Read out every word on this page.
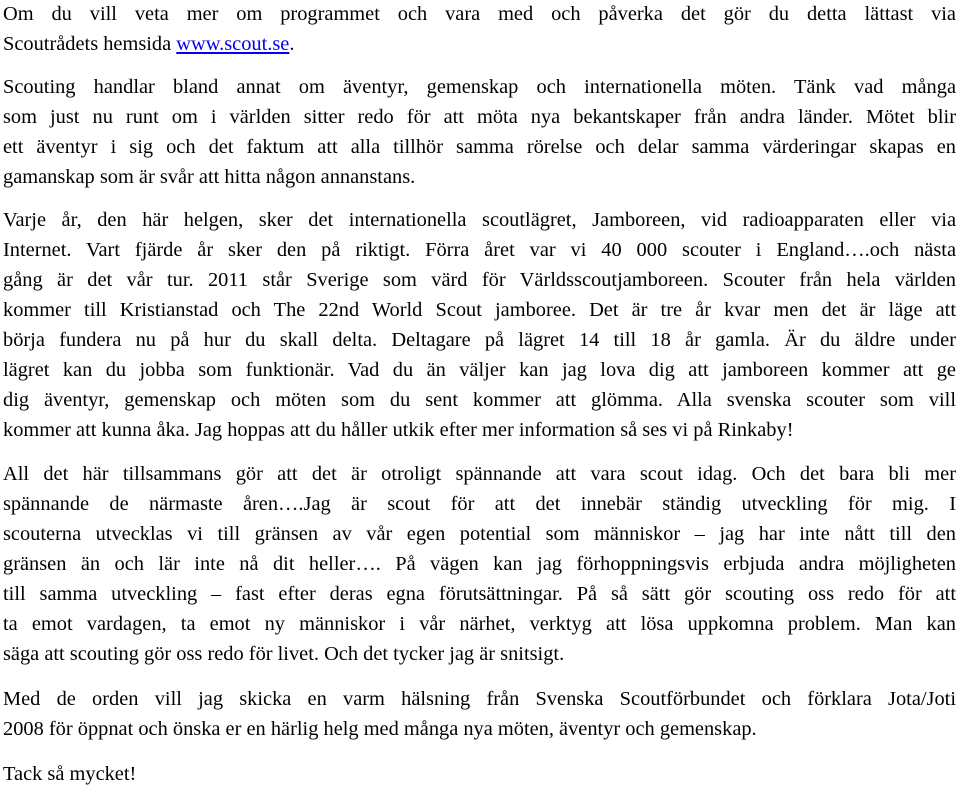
Om du vill veta mer om programmet och vara med och påverka det gör du detta lättast via
Scoutrådets hemsida www.scout.se.
Scouting handlar bland annat om äventyr, gemenskap och internationella möten. Tänk vad många
som just nu runt om i världen sitter redo för att möta nya bekantskaper från andra länder. Mötet blir
ett äventyr i sig och det faktum att alla tillhör samma rörelse och delar samma värderingar skapas en
gamanskap som är svår att hitta någon annanstans.
Varje år, den här helgen, sker det internationella scoutlägret, Jamboreen, vid radioapparaten eller via
Internet. Vart fjärde år sker den på riktigt. Förra året var vi 40 000 scouter i England….och nästa
gång är det vår tur. 2011 står Sverige som värd för Världsscoutjamboreen. Scouter från hela världen
kommer till Kristianstad och The 22nd World Scout jamboree. Det är tre år kvar men det är läge att
börja fundera nu på hur du skall delta. Deltagare på lägret 14 till 18 år gamla. Är du äldre under
lägret kan du jobba som funktionär. Vad du än väljer kan jag lova dig att jamboreen kommer att ge
dig äventyr, gemenskap och möten som du sent kommer att glömma. Alla svenska scouter som vill
kommer att kunna åka. Jag hoppas att du håller utkik efter mer information så ses vi på Rinkaby!
All det här tillsammans gör att det är otroligt spännande att vara scout idag. Och det bara bli mer
spännande de närmaste åren….Jag är scout för att det innebär ständig utveckling för mig. I
scouterna utvecklas vi till gränsen av vår egen potential som människor – jag har inte nått till den
gränsen än och lär inte nå dit heller…. På vägen kan jag förhoppningsvis erbjuda andra möjligheten
till samma utveckling – fast efter deras egna förutsättningar. På så sätt gör scouting oss redo för att
ta emot vardagen, ta emot ny människor i vår närhet, verktyg att lösa uppkomna problem. Man kan
säga att scouting gör oss redo för livet. Och det tycker jag är snitsigt.
Med de orden vill jag skicka en varm hälsning från Svenska Scoutförbundet och förklara Jota/Joti
2008 för öppnat och önska er en härlig helg med många nya möten, äventyr och gemenskap.
Tack så mycket!
